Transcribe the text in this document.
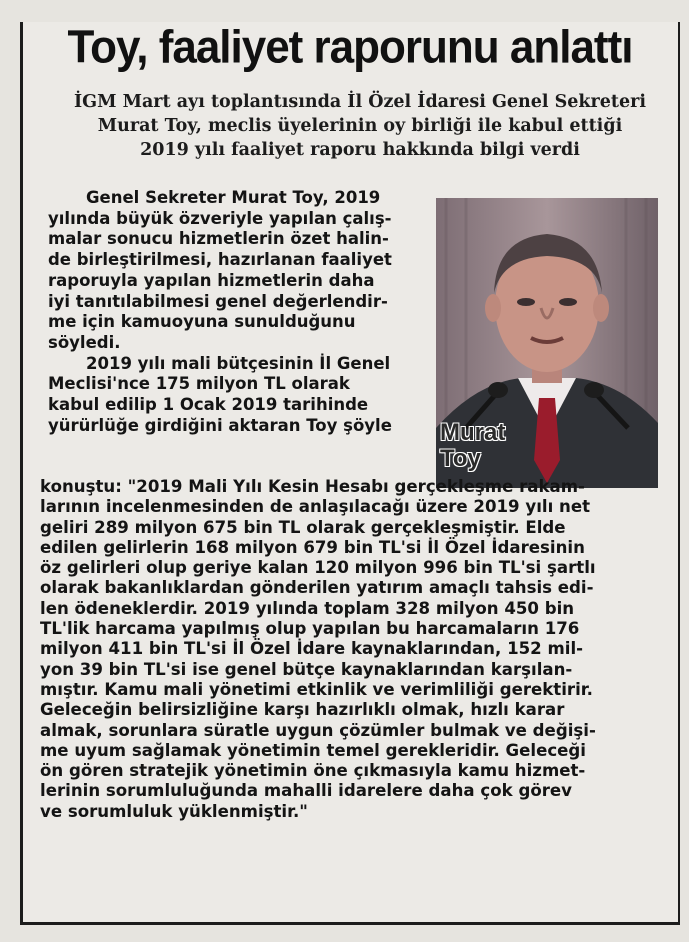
Toy, faaliyet raporunu anlattı
İGM Mart ayı toplantısında İl Özel İdaresi Genel Sekreteri
Murat Toy, meclis üyelerinin oy birliği ile kabul ettiği
2019 yılı faaliyet raporu hakkında bilgi verdi
Genel Sekreter Murat Toy, 2019
yılında büyük özveriyle yapılan çalış-
malar sonucu hizmetlerin özet halin-
de birleştirilmesi, hazırlanan faaliyet
raporuyla yapılan hizmetlerin daha
iyi tanıtılabilmesi genel değerlendir-
me için kamuoyuna sunulduğunu
söyledi.
2019 yılı mali bütçesinin İl Genel
Meclisi'nce 175 milyon TL olarak
kabul edilip 1 Ocak 2019 tarihinde
yürürlüğe girdiğini aktaran Toy şöyle	Murat
Toy
konuştu: "2019 Mali Yılı Kesin Hesabı gerçekleşme rakam-
larının incelenmesinden de anlaşılacağı üzere 2019 yılı net
geliri 289 milyon 675 bin TL olarak gerçekleşmiştir. Elde
edilen gelirlerin 168 milyon 679 bin TL'si İl Özel İdaresinin
öz gelirleri olup geriye kalan 120 milyon 996 bin TL'si şartlı
olarak bakanlıklardan gönderilen yatırım amaçlı tahsis edi-
len ödeneklerdir. 2019 yılında toplam 328 milyon 450 bin
TL'lik harcama yapılmış olup yapılan bu harcamaların 176
milyon 411 bin TL'si İl Özel İdare kaynaklarından, 152 mil-
yon 39 bin TL'si ise genel bütçe kaynaklarından karşılan-
mıştır. Kamu mali yönetimi etkinlik ve verimliliği gerektirir.
Geleceğin belirsizliğine karşı hazırlıklı olmak, hızlı karar
almak, sorunlara süratle uygun çözümler bulmak ve değişi-
me uyum sağlamak yönetimin temel gerekleridir. Geleceği
ön gören stratejik yönetimin öne çıkmasıyla kamu hizmet-
lerinin sorumluluğunda mahalli idarelere daha çok görev
ve sorumluluk yüklenmiştir."
